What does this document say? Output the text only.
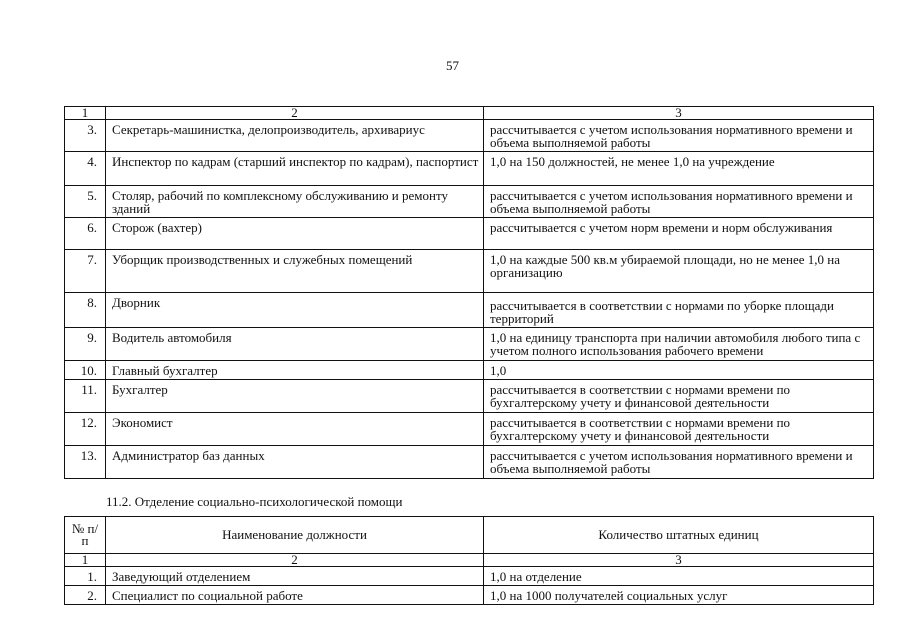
57
1	2	3
3.	Секретарь-машинистка, делопроизводитель, архивариус	рассчитывается с учетом использования нормативного времени и объема выполняемой работы
4.	Инспектор по кадрам (старший инспектор по кадрам), паспортист	1,0 на 150 должностей, не менее 1,0 на учреждение
5.	Столяр, рабочий по комплексному обслуживанию и ремонту зданий	рассчитывается с учетом использования нормативного времени и объема выполняемой работы
6.	Сторож (вахтер)	рассчитывается с учетом норм времени и норм обслуживания
7.	Уборщик производственных и служебных помещений	1,0 на каждые 500 кв.м убираемой площади, но не менее 1,0 на организацию
8.	Дворник	рассчитывается в соответствии с нормами по уборке площади территорий
9.	Водитель автомобиля	1,0 на единицу транспорта при наличии автомобиля любого типа с учетом полного использования рабочего времени
10.	Главный бухгалтер	1,0
11.	Бухгалтер	рассчитывается в соответствии с нормами времени по бухгалтерскому учету и финансовой деятельности
12.	Экономист	рассчитывается в соответствии с нормами времени по бухгалтерскому учету и финансовой деятельности
13.	Администратор баз данных	рассчитывается с учетом использования нормативного времени и объема выполняемой работы
11.2. Отделение социально-психологической помощи
№ п/п	Наименование должности	Количество штатных единиц
1	2	3
1.	Заведующий отделением	1,0 на отделение
2.	Специалист по социальной работе	1,0 на 1000 получателей социальных услуг
